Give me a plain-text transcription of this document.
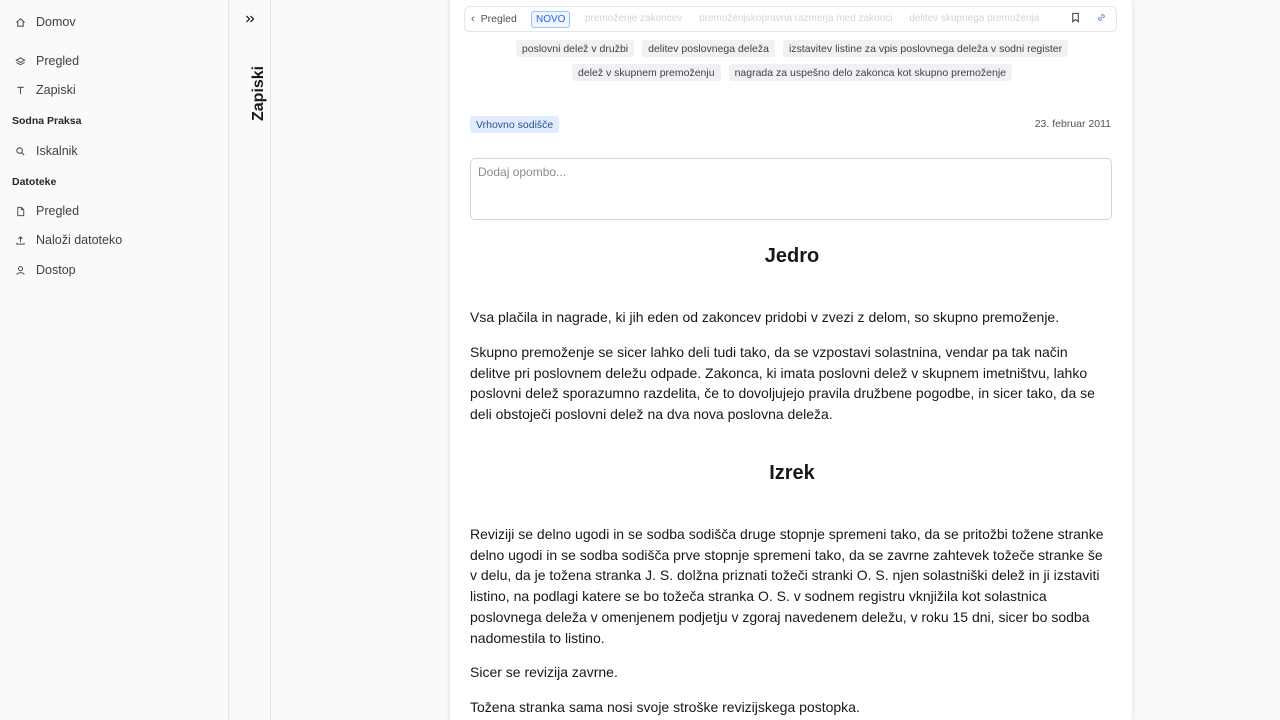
Domov
Pregled
Zapiski
Sodna Praksa
Iskalnik
Datoteke
Pregled
Naloži datoteko
Dostop
Zapiski
‹ Pregled	NOVO	premoženje zakoncev premoženjskopravna razmerja med zakonci delitev skupnega premoženja
poslovni delež v družbi	delitev poslovnega deleža	izstavitev listine za vpis poslovnega deleža v sodni register
delež v skupnem premoženju	nagrada za uspešno delo zakonca kot skupno premoženje
Vrhovno sodišče	23. februar 2011
Dodaj opombo...
Jedro

Vsa plačila in nagrade, ki jih eden od zakoncev pridobi v zvezi z delom, so skupno premoženje.

Skupno premoženje se sicer lahko deli tudi tako, da se vzpostavi solastnina, vendar pa tak način delitve pri poslovnem deležu odpade. Zakonca, ki imata poslovni delež v skupnem imetništvu, lahko poslovni delež sporazumno razdelita, če to dovoljujejo pravila družbene pogodbe, in sicer tako, da se deli obstoječi poslovni delež na dva nova poslovna deleža.

Izrek

Reviziji se delno ugodi in se sodba sodišča druge stopnje spremeni tako, da se pritožbi tožene stranke delno ugodi in se sodba sodišča prve stopnje spremeni tako, da se zavrne zahtevek tožeče stranke še v delu, da je tožena stranka J. S. dolžna priznati tožeči stranki O. S. njen solastniški delež in ji izstaviti listino, na podlagi katere se bo tožeča stranka O. S. v sodnem registru vknjižila kot solastnica poslovnega deleža v omenjenem podjetju v zgoraj navedenem deležu, v roku 15 dni, sicer bo sodba nadomestila to listino.

Sicer se revizija zavrne.

Tožena stranka sama nosi svoje stroške revizijskega postopka.
